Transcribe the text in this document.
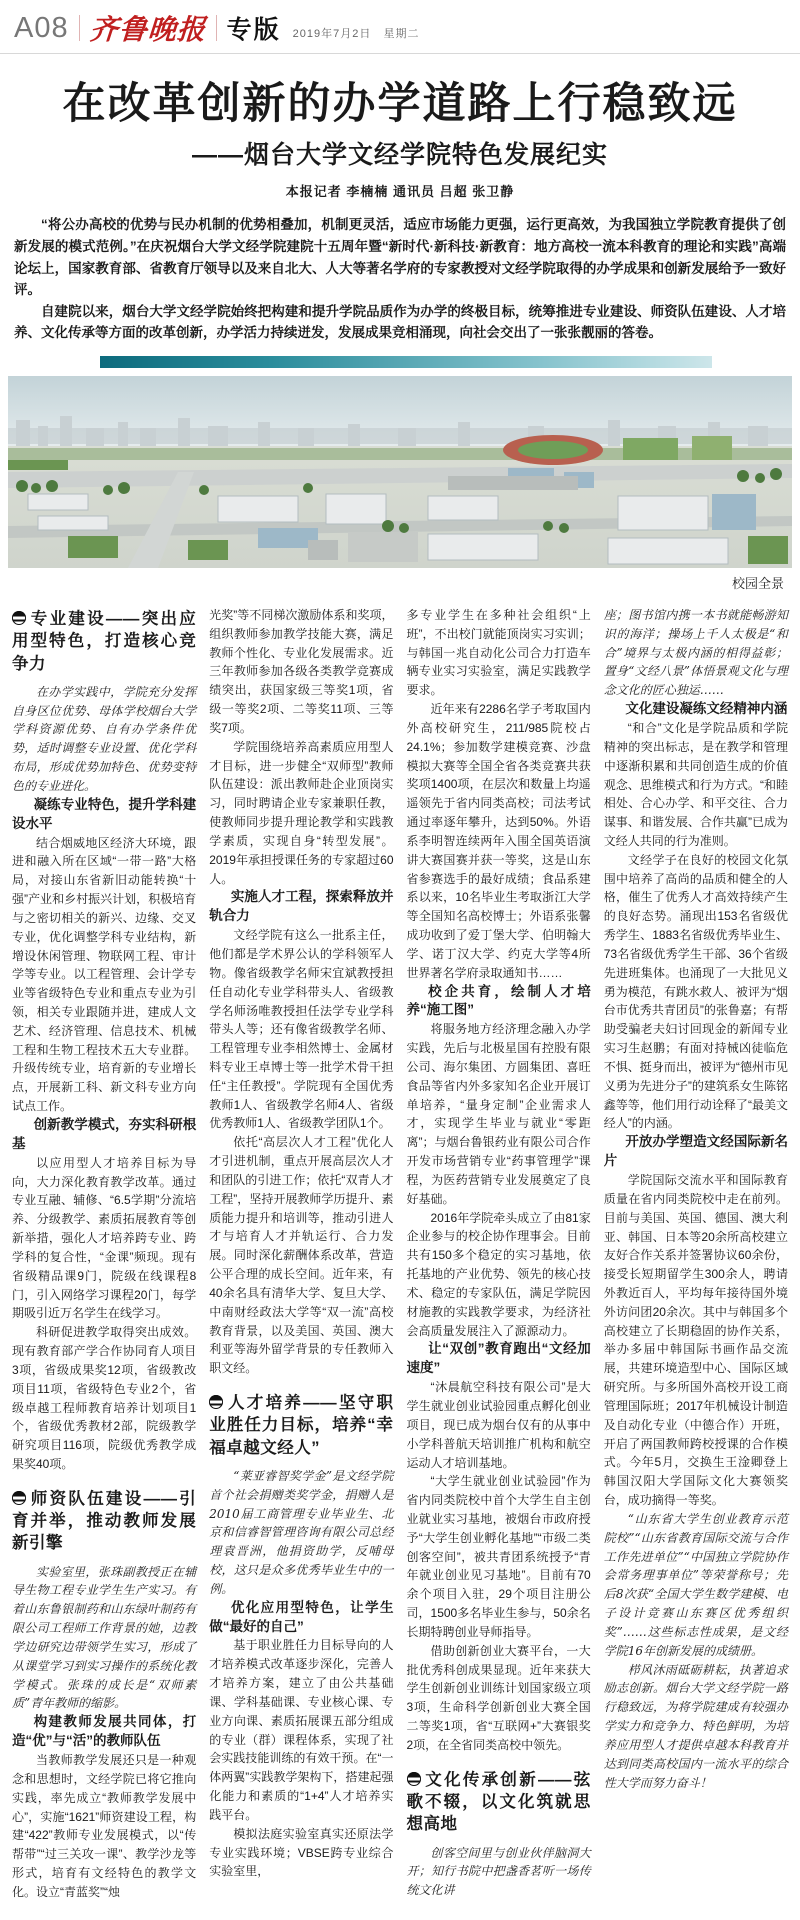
A08 齐鲁晚报 专版 2019年7月2日 星期二
在改革创新的办学道路上行稳致远
——烟台大学文经学院特色发展纪实
本报记者 李楠楠 通讯员 吕超 张卫静

“将公办高校的优势与民办机制的优势相叠加，机制更灵活，适应市场能力更强，运行更高效，为我国独立学院教育提供了创新发展的模式范例。”在庆祝烟台大学文经学院建院十五周年暨“新时代·新科技·新教育：地方高校一流本科教育的理论和实践”高端论坛上，国家教育部、省教育厅领导以及来自北大、人大等著名学府的专家教授对文经学院取得的办学成果和创新发展给予一致好评。

自建院以来，烟台大学文经学院始终把构建和提升学院品质作为办学的终极目标，统筹推进专业建设、师资队伍建设、人才培养、文化传承等方面的改革创新，办学活力持续迸发，发展成果竞相涌现，向社会交出了一张张靓丽的答卷。

校园全景
专业建设——突出应用型特色，打造核心竞争力

在办学实践中，学院充分发挥自身区位优势、母体学校烟台大学学科资源优势、自有办学条件优势，适时调整专业设置、优化学科布局，形成优势加特色、优势变特色的专业进化。

凝练专业特色，提升学科建设水平

结合烟威地区经济大环境，跟进和融入所在区域“一带一路”大格局，对接山东省新旧动能转换“十强”产业和乡村振兴计划，积极培育与之密切相关的新兴、边缘、交叉专业，优化调整学科专业结构，新增设休闲管理、物联网工程、审计学等专业。以工程管理、会计学专业等省级特色专业和重点专业为引领，相关专业跟随并进，建成人文艺术、经济管理、信息技术、机械工程和生物工程技术五大专业群。升级传统专业，培育新的专业增长点，开展新工科、新文科专业方向试点工作。

创新教学模式，夯实科研根基

以应用型人才培养目标为导向，大力深化教育教学改革。通过专业互融、辅修、“6.5学期”分流培养、分级教学、素质拓展教育等创新举措，强化人才培养跨专业、跨学科的复合性，“金课”频现。现有省级精品课9门，院级在线课程8门，引入网络学习课程20门，每学期吸引近万名学生在线学习。

科研促进教学取得突出成效。现有教育部产学合作协同育人项目3项，省级成果奖12项，省级教改项目11项，省级特色专业2个，省级卓越工程师教育培养计划项目1个，省级优秀教材2部，院级教学研究项目116项，院级优秀教学成果奖40项。

师资队伍建设——引育并举，推动教师发展新引擎

实验室里，张珠副教授正在辅导生物工程专业学生生产实习。有着山东鲁银制药和山东绿叶制药有限公司工程师工作背景的她，边教学边研究边带领学生实习，形成了从课堂学习到实习操作的系统化教学模式。张珠的成长是“双师素质”青年教师的缩影。

构建教师发展共同体，打造“优”与“活”的教师队伍

当教师教学发展还只是一种观念和思想时，文经学院已将它推向实践，率先成立“教师教学发展中心”，实施“1621”师资建设工程，构建“422”教师专业发展模式，以“传帮带”“过三关攻一课”、教学沙龙等形式，培育有文经特色的教学文化。设立“青蓝奖”“烛

光奖”等不同梯次激励体系和奖项，组织教师参加教学技能大赛，满足教师个性化、专业化发展需求。近三年教师参加各级各类教学竞赛成绩突出，获国家级三等奖1项，省级一等奖2项、二等奖11项、三等奖7项。

学院围绕培养高素质应用型人才目标，进一步健全“双师型”教师队伍建设：派出教师赴企业顶岗实习，同时聘请企业专家兼职任教，使教师同步提升理论教学和实践教学素质，实现自身“转型发展”。2019年承担授课任务的专家超过60人。

实施人才工程，探索释放并轨合力

文经学院有这么一批系主任，他们都是学术界公认的学科领军人物。像省级教学名师宋宜斌教授担任自动化专业学科带头人、省级教学名师汤唯教授担任法学专业学科带头人等；还有像省级教学名师、工程管理专业李相然博士、金属材料专业王卓博士等一批学术骨干担任“主任教授”。学院现有全国优秀教师1人、省级教学名师4人、省级优秀教师1人、省级教学团队1个。

依托“高层次人才工程”优化人才引进机制，重点开展高层次人才和团队的引进工作；依托“双青人才工程”，坚持开展教师学历提升、素质能力提升和培训等，推动引进人才与培育人才并轨运行、合力发展。同时深化薪酬体系改革，营造公平合理的成长空间。近年来，有40余名具有清华大学、复旦大学、中南财经政法大学等“双一流”高校教育背景，以及美国、英国、澳大利亚等海外留学背景的专任教师入职文经。

人才培养——坚守职业胜任力目标，培养“幸福卓越文经人”

“莱亚睿智奖学金”是文经学院首个社会捐赠类奖学金，捐赠人是2010届工商管理专业毕业生、北京和信睿智管理咨询有限公司总经理袁晋洲，他捐资助学，反哺母校，这只是众多优秀毕业生中的一例。

优化应用型特色，让学生做“最好的自己”

基于职业胜任力目标导向的人才培养模式改革逐步深化，完善人才培养方案，建立了由公共基础课、学科基础课、专业核心课、专业方向课、素质拓展课五部分组成的专业（群）课程体系，实现了社会实践技能训练的有效干预。在“一体两翼”实践教学架构下，搭建起强化能力和素质的“1+4”人才培养实践平台。

模拟法庭实验室真实还原法学专业实践环境；VBSE跨专业综合实验室里，

多专业学生在多种社会组织“上班”，不出校门就能顶岗实习实训；与韩国一兆自动化公司合力打造车辆专业实习实验室，满足实践教学要求。

近年来有2286名学子考取国内外高校研究生，211/985院校占24.1%；参加数学建模竞赛、沙盘模拟大赛等全国全省各类竞赛共获奖项1400项，在层次和数量上均遥遥领先于省内同类高校；司法考试通过率逐年攀升，达到50%。外语系李明智连续两年入围全国英语演讲大赛国赛并获一等奖，这是山东省参赛选手的最好成绩；食品系建系以来，10名毕业生考取浙江大学等全国知名高校博士；外语系张馨成功收到了爱丁堡大学、伯明翰大学、诺丁汉大学、约克大学等4所世界著名学府录取通知书……

校企共育，绘制人才培养“施工图”

将服务地方经济理念融入办学实践，先后与北极星国有控股有限公司、海尔集团、方圆集团、喜旺食品等省内外多家知名企业开展订单培养，“量身定制”企业需求人才，实现学生毕业与就业“零距离”；与烟台鲁银药业有限公司合作开发市场营销专业“药事管理学”课程，为医药营销专业发展奠定了良好基础。

2016年学院牵头成立了由81家企业参与的校企协作理事会。目前共有150多个稳定的实习基地，依托基地的产业优势、领先的核心技术、稳定的专家队伍，满足学院因材施教的实践教学要求，为经济社会高质量发展注入了源源动力。

让“双创”教育跑出“文经加速度”

“沐晨航空科技有限公司”是大学生就业创业试验园重点孵化创业项目，现已成为烟台仅有的从事中小学科普航天培训推广机构和航空运动人才培训基地。

“大学生就业创业试验园”作为省内同类院校中首个大学生自主创业就业实习基地，被烟台市政府授予“大学生创业孵化基地”“市级二类创客空间”，被共青团系统授予“青年就业创业见习基地”。目前有70余个项目入驻，29个项目注册公司，1500多名毕业生参与，50余名长期特聘创业导师指导。

借助创新创业大赛平台，一大批优秀科创成果显现。近年来获大学生创新创业训练计划国家级立项3项，生命科学创新创业大赛全国二等奖1项，省“互联网+”大赛银奖2项，在全省同类高校中领先。

文化传承创新——弦歌不辍，以文化筑就思想高地

创客空间里与创业伙伴脑洞大开；知行书院中把盏香茗听一场传统文化讲

座；图书馆内携一本书就能畅游知识的海洋；操场上千人太极是“和合”境界与太极内涵的相得益彰；置身“文经八景”体悟景观文化与理念文化的匠心独运……

文化建设凝练文经精神内涵

“和合”文化是学院品质和学院精神的突出标志，是在教学和管理中逐渐积累和共同创造生成的价值观念、思维模式和行为方式。“和睦相处、合心办学、和平交往、合力谋事、和谐发展、合作共赢”已成为文经人共同的行为准则。

文经学子在良好的校园文化氛围中培养了高尚的品质和健全的人格，催生了优秀人才高效持续产生的良好态势。涌现出153名省级优秀学生、1883名省级优秀毕业生、73名省级优秀学生干部、36个省级先进班集体。也涌现了一大批见义勇为模范，有跳水救人、被评为“烟台市优秀共青团员”的张鲁嘉；有帮助受骗老夫妇讨回现金的新闻专业实习生赵鹏；有面对持械凶徒临危不惧、挺身而出，被评为“德州市见义勇为先进分子”的建筑系女生陈铭鑫等等，他们用行动诠释了“最美文经人”的内涵。

开放办学塑造文经国际新名片

学院国际交流水平和国际教育质量在省内同类院校中走在前列。目前与美国、英国、德国、澳大利亚、韩国、日本等20余所高校建立友好合作关系并签署协议60余份，接受长短期留学生300余人，聘请外教近百人，平均每年接待国外境外访问团20余次。其中与韩国多个高校建立了长期稳固的协作关系，举办多届中韩国际书画作品交流展，共建环境造型中心、国际区域研究所。与多所国外高校开设工商管理国际班；2017年机械设计制造及自动化专业（中德合作）开班，开启了两国教师跨校授课的合作模式。今年5月，交换生王淦卿登上韩国汉阳大学国际文化大赛领奖台，成功摘得一等奖。

“山东省大学生创业教育示范院校”“山东省教育国际交流与合作工作先进单位”“中国独立学院协作会常务理事单位”等荣誉称号；先后8次获“全国大学生数学建模、电子设计竞赛山东赛区优秀组织奖”……这些标志性成果，是文经学院16年创新发展的成绩册。

栉风沐雨砥砺耕耘，执著追求励志创新。烟台大学文经学院一路行稳致远，为将学院建成有较强办学实力和竞争力、特色鲜明，为培养应用型人才提供卓越本科教育并达到同类高校国内一流水平的综合性大学而努力奋斗！
